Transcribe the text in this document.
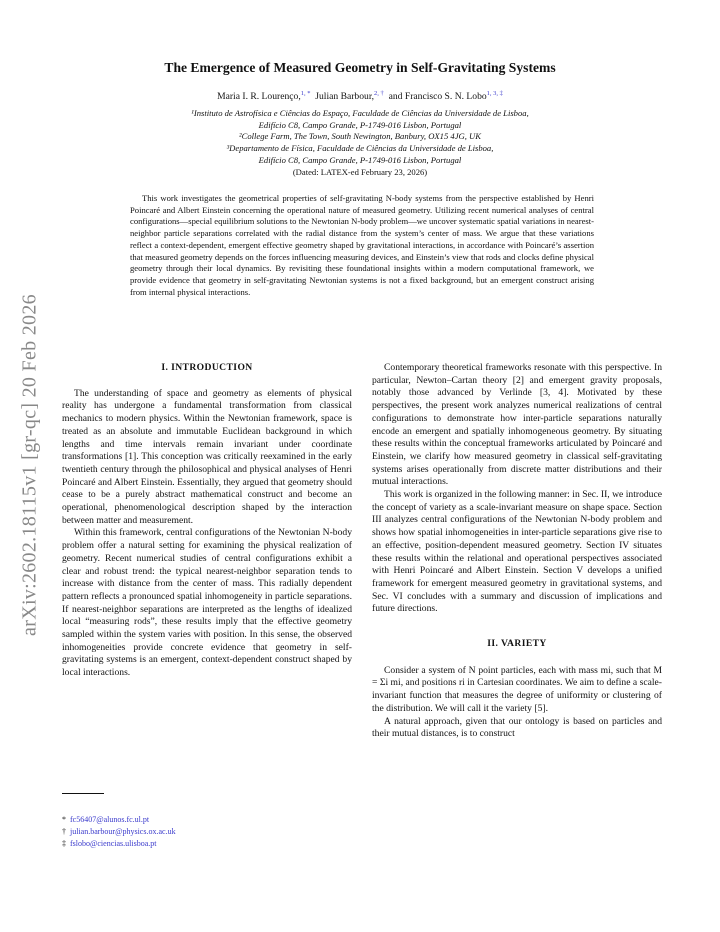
arXiv:2602.18115v1 [gr-qc] 20 Feb 2026
The Emergence of Measured Geometry in Self-Gravitating Systems
Maria I. R. Lourenço,$^{1, *}$ Julian Barbour,$^{2, \dagger}$ and Francisco S. N. Lobo$^{1, 3, \ddagger}$
¹Instituto de Astrofísica e Ciências do Espaço, Faculdade de Ciências da Universidade de Lisboa,
Edifício C8, Campo Grande, P-1749-016 Lisbon, Portugal
²College Farm, The Town, South Newington, Banbury, OX15 4JG, UK
³Departamento de Física, Faculdade de Ciências da Universidade de Lisboa,
Edifício C8, Campo Grande, P-1749-016 Lisbon, Portugal
(Dated: LATEX-ed February 23, 2026)

This work investigates the geometrical properties of self-gravitating N-body systems from the perspective established by Henri Poincaré and Albert Einstein concerning the operational nature of measured geometry. Utilizing recent numerical analyses of central configurations—special equilibrium solutions to the Newtonian N-body problem—we uncover systematic spatial variations in nearest-neighbor particle separations correlated with the radial distance from the system’s center of mass. We argue that these variations reflect a context-dependent, emergent effective geometry shaped by gravitational interactions, in accordance with Poincaré’s assertion that measured geometry depends on the forces influencing measuring devices, and Einstein’s view that rods and clocks define physical geometry through their local dynamics. By revisiting these foundational insights within a modern computational framework, we provide evidence that geometry in self-gravitating Newtonian systems is not a fixed background, but an emergent construct arising from internal physical interactions.

I. INTRODUCTION

The understanding of space and geometry as elements of physical reality has undergone a fundamental transformation from classical mechanics to modern physics. Within the Newtonian framework, space is treated as an absolute and immutable Euclidean background in which lengths and time intervals remain invariant under coordinate transformations [1]. This conception was critically reexamined in the early twentieth century through the philosophical and physical analyses of Henri Poincaré and Albert Einstein. Essentially, they argued that geometry should cease to be a purely abstract mathematical construct and become an operational, phenomenological description shaped by the interaction between matter and measurement.

Within this framework, central configurations of the Newtonian N-body problem offer a natural setting for examining the physical realization of geometry. Recent numerical studies of central configurations exhibit a clear and robust trend: the typical nearest-neighbor separation tends to increase with distance from the center of mass. This radially dependent pattern reflects a pronounced spatial inhomogeneity in particle separations. If nearest-neighbor separations are interpreted as the lengths of idealized local “measuring rods”, these results imply that the effective geometry sampled within the system varies with position. In this sense, the observed inhomogeneities provide concrete evidence that geometry in self-gravitating systems is an emergent, context-dependent construct shaped by local interactions.

Contemporary theoretical frameworks resonate with this perspective. In particular, Newton–Cartan theory [2] and emergent gravity proposals, notably those advanced by Verlinde [3, 4]. Motivated by these perspectives, the present work analyzes numerical realizations of central configurations to demonstrate how inter-particle separations naturally encode an emergent and spatially inhomogeneous geometry. By situating these results within the conceptual frameworks articulated by Poincaré and Einstein, we clarify how measured geometry in classical self-gravitating systems arises operationally from discrete matter distributions and their mutual interactions.

This work is organized in the following manner: in Sec. II, we introduce the concept of variety as a scale-invariant measure on shape space. Section III analyzes central configurations of the Newtonian N-body problem and shows how spatial inhomogeneities in inter-particle separations give rise to an effective, position-dependent measured geometry. Section IV situates these results within the relational and operational perspectives associated with Henri Poincaré and Albert Einstein. Section V develops a unified framework for emergent measured geometry in gravitational systems, and Sec. VI concludes with a summary and discussion of implications and future directions.

II. VARIETY

Consider a system of N point particles, each with mass mi, such that M = Σi mi, and positions ri in Cartesian coordinates. We aim to define a scale-invariant function that measures the degree of uniformity or clustering of the distribution. We will call it the variety [5].

A natural approach, given that our ontology is based on particles and their mutual distances, is to construct

* fc56407@alunos.fc.ul.pt
† julian.barbour@physics.ox.ac.uk
‡ fslobo@ciencias.ulisboa.pt
